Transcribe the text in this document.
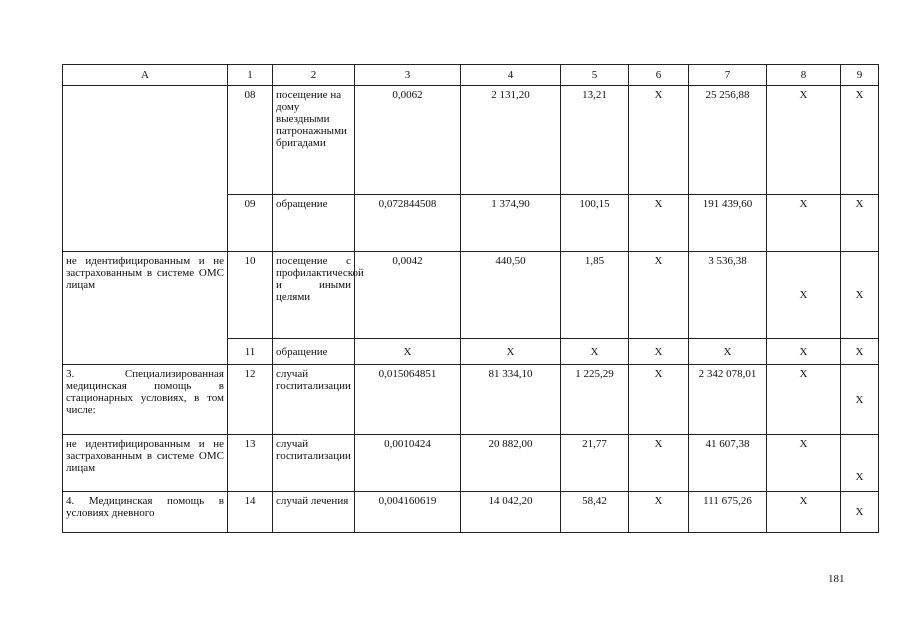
А	1	2	3	4	5	6	7	8	9
	08	посещение на дому выездными патронажными бригадами	0,0062	2 131,20	13,21	Х	25 256,88	Х	Х
	09	обращение	0,072844508	1 374,90	100,15	Х	191 439,60	Х	Х
не идентифицированным и не застрахованным в системе ОМС лицам	10	посещение с профилактической и иными целями	0,0042	440,50	1,85	Х	3 536,38	Х	Х
	11	обращение	Х	Х	Х	Х	Х	Х	Х
3. Специализированная медицинская помощь в стационарных условиях, в том числе:	12	случай госпитализации	0,015064851	81 334,10	1 225,29	Х	2 342 078,01	Х	Х
не идентифицированным и не застрахованным в системе ОМС лицам	13	случай госпитализации	0,0010424	20 882,00	21,77	Х	41 607,38	Х	Х
4. Медицинская помощь в условиях дневного	14	случай лечения	0,004160619	14 042,20	58,42	Х	111 675,26	Х	Х
181
